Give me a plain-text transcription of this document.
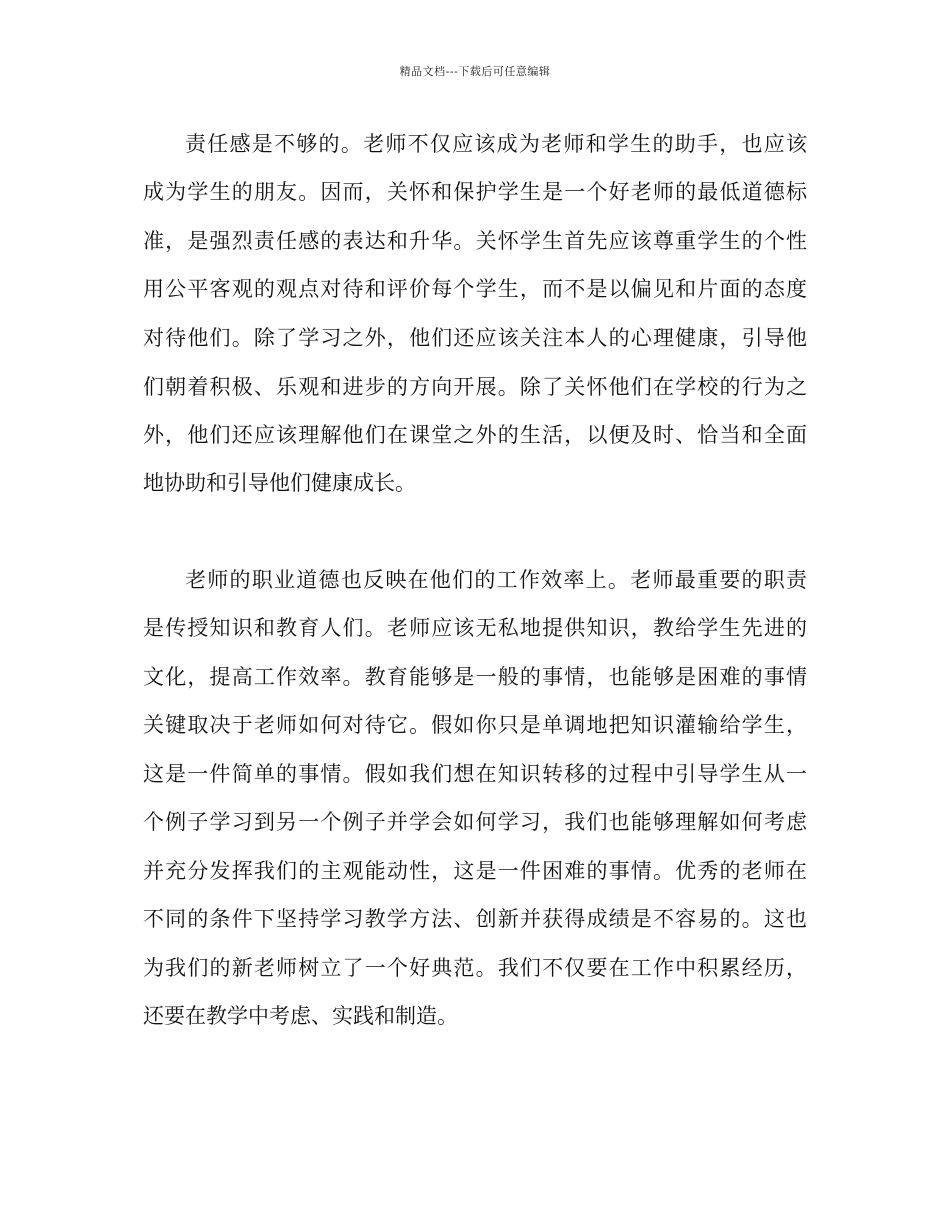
精品文档---下载后可任意编辑
责任感是不够的。老师不仅应该成为老师和学生的助手，也应该
成为学生的朋友。因而，关怀和保护学生是一个好老师的最低道德标
准，是强烈责任感的表达和升华。关怀学生首先应该尊重学生的个性
用公平客观的观点对待和评价每个学生，而不是以偏见和片面的态度
对待他们。除了学习之外，他们还应该关注本人的心理健康，引导他
们朝着积极、乐观和进步的方向开展。除了关怀他们在学校的行为之
外，他们还应该理解他们在课堂之外的生活，以便及时、恰当和全面
地协助和引导他们健康成长。
老师的职业道德也反映在他们的工作效率上。老师最重要的职责
是传授知识和教育人们。老师应该无私地提供知识，教给学生先进的
文化，提高工作效率。教育能够是一般的事情，也能够是困难的事情
关键取决于老师如何对待它。假如你只是单调地把知识灌输给学生，
这是一件简单的事情。假如我们想在知识转移的过程中引导学生从一
个例子学习到另一个例子并学会如何学习，我们也能够理解如何考虑
并充分发挥我们的主观能动性，这是一件困难的事情。优秀的老师在
不同的条件下坚持学习教学方法、创新并获得成绩是不容易的。这也
为我们的新老师树立了一个好典范。我们不仅要在工作中积累经历，
还要在教学中考虑、实践和制造。
